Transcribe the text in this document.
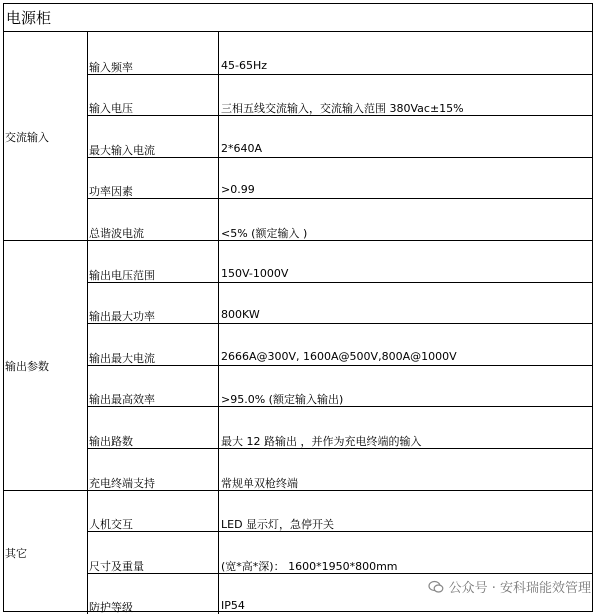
电源柜
交流输入
输入频率	45-65Hz
输入电压	三相五线交流输入，交流输入范围 380Vac±15%
最大输入电流	2*640A
功率因素	>0.99
总谐波电流	<5% (额定输入 )
输出参数
输出电压范围	150V-1000V
输出最大功率	800KW
输出最大电流	2666A@300V, 1600A@500V,800A@1000V
输出最高效率	>95.0% (额定输入输出)
输出路数	最大 12 路输出 ，并作为充电终端的输入
充电终端支持	常规单双枪终端
其它
人机交互	LED 显示灯，急停开关
尺寸及重量	(宽*高*深)： 1600*1950*800mm
防护等级	IP54
公众号 · 安科瑞能效管理
